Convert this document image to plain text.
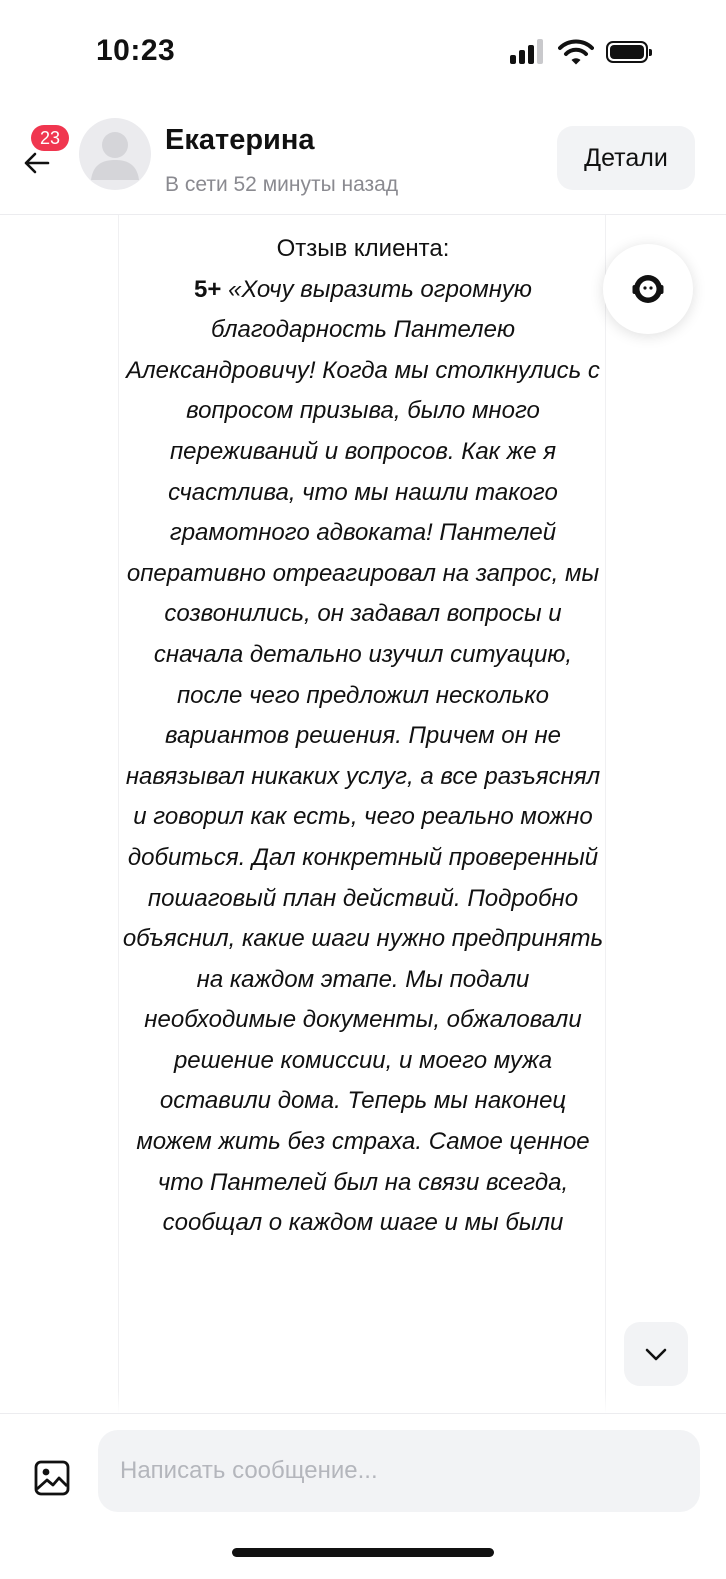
10:23
Екатерина
В сети 52 минуты назад
Детали
23
Отзыв клиента:
5+ «Хочу выразить огромную благодарность Пантелею Александровичу! Когда мы столкнулись с вопросом призыва, было много переживаний и вопросов. Как же я счастлива, что мы нашли такого грамотного адвоката! Пантелей оперативно отреагировал на запрос, мы созвонились, он задавал вопросы и сначала детально изучил ситуацию, после чего предложил несколько вариантов решения. Причем он не навязывал никаких услуг, а все разъяснял и говорил как есть, чего реально можно добиться. Дал конкретный проверенный пошаговый план действий. Подробно объяснил, какие шаги нужно предпринять на каждом этапе. Мы подали необходимые документы, обжаловали решение комиссии, и моего мужа оставили дома. Теперь мы наконец можем жить без страха. Самое ценное что Пантелей был на связи всегда, сообщал о каждом шаге и мы были
Написать сообщение...
